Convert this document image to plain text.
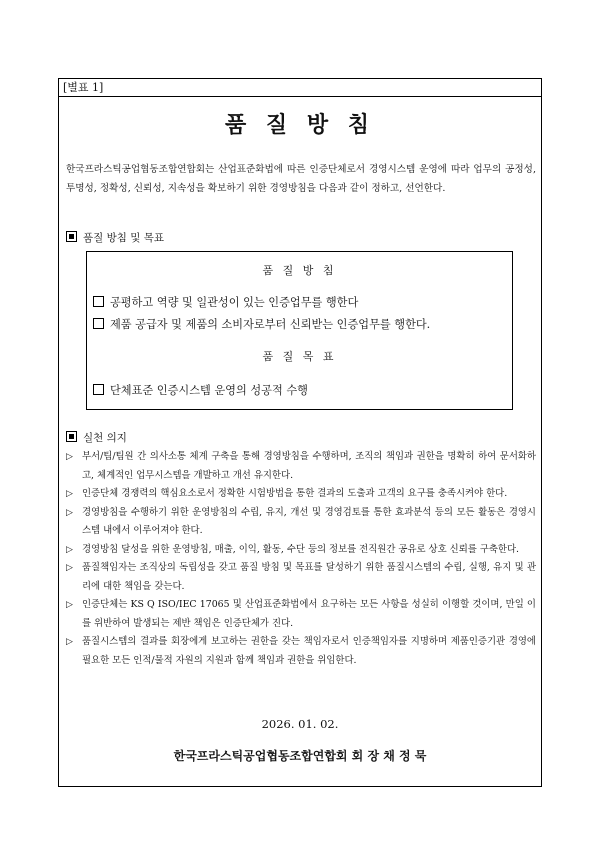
[별표 1]
품 질 방 침
한국프라스틱공업협동조합연합회는 산업표준화법에 따른 인증단체로서 경영시스템 운영에 따라 업무의 공정성, 투명성, 정확성, 신뢰성, 지속성을 확보하기 위한 경영방침을 다음과 같이 정하고, 선언한다.
품질 방침 및 목표
품 질 방 침
공평하고 역량 및 일관성이 있는 인증업무를 행한다
제품 공급자 및 제품의 소비자로부터 신뢰받는 인증업무를 행한다.
품 질 목 표
단체표준 인증시스템 운영의 성공적 수행
실천 의지
▷ 부서/팀/팀원 간 의사소통 체계 구축을 통해 경영방침을 수행하며, 조직의 책임과 권한을 명확히 하여 문서화하고, 체계적인 업무시스템을 개발하고 개선 유지한다.
▷ 인증단체 경쟁력의 핵심요소로서 정확한 시험방법을 통한 결과의 도출과 고객의 요구를 충족시켜야 한다.
▷ 경영방침을 수행하기 위한 운영방침의 수립, 유지, 개선 및 경영검토를 통한 효과분석 등의 모든 활동은 경영시스템 내에서 이루어져야 한다.
▷ 경영방침 달성을 위한 운영방침, 매출, 이익, 활동, 수단 등의 정보를 전직원간 공유로 상호 신뢰를 구축한다.
▷ 품질책임자는 조직상의 독립성을 갖고 품질 방침 및 목표를 달성하기 위한 품질시스템의 수립, 실행, 유지 및 관리에 대한 책임을 갖는다.
▷ 인증단체는 KS Q ISO/IEC 17065 및 산업표준화법에서 요구하는 모든 사항을 성실히 이행할 것이며, 만일 이를 위반하여 발생되는 제반 책임은 인증단체가 진다.
▷ 품질시스템의 결과를 회장에게 보고하는 권한을 갖는 책임자로서 인증책임자를 지명하며 제품인증기관 경영에 필요한 모든 인적/물적 자원의 지원과 함께 책임과 권한을 위임한다.
2026. 01. 02.
한국프라스틱공업협동조합연합회 회 장 채 정 묵
